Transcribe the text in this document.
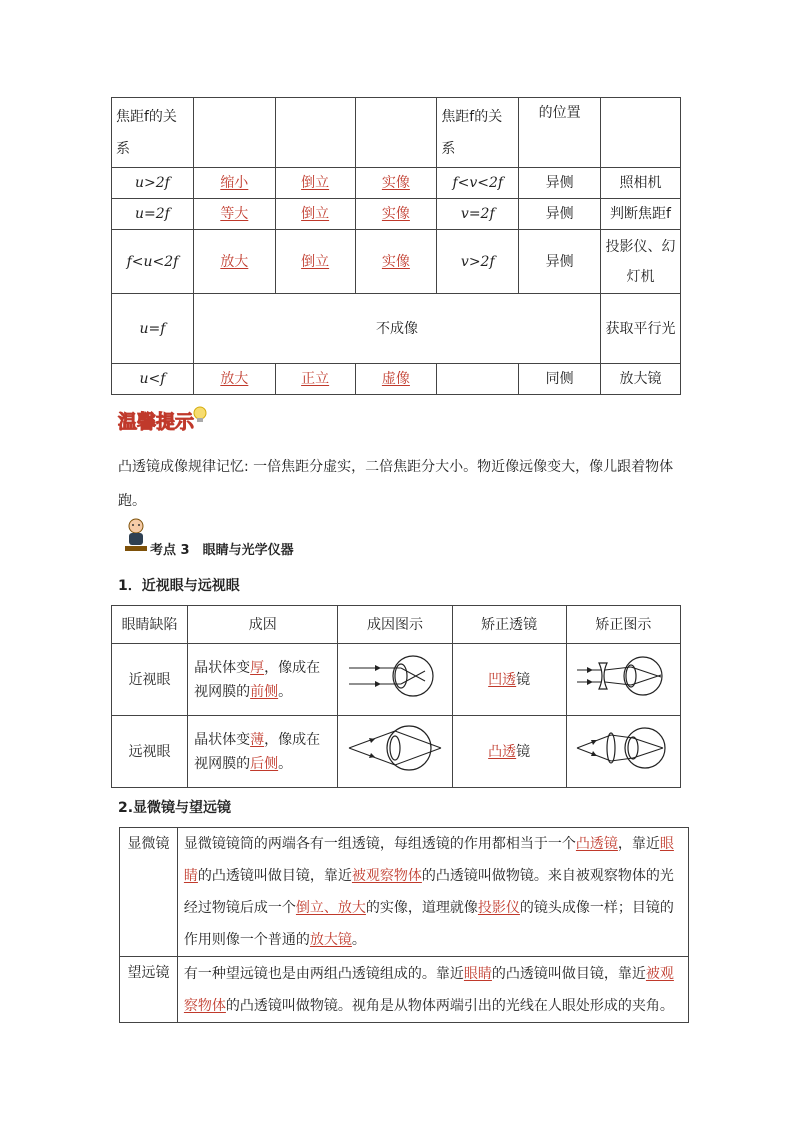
焦距f的关系				焦距f的关系	的位置	
u>2f	缩小	倒立	实像	f<v<2f	异侧	照相机
u=2f	等大	倒立	实像	v=2f	异侧	判断焦距f
f<u<2f	放大	倒立	实像	v>2f	异侧	投影仪、幻灯机
u=f	不成像					获取平行光
u<f	放大	正立	虚像		同侧	放大镜
温馨提示
凸透镜成像规律记忆: 一倍焦距分虚实，二倍焦距分大小。物近像远像变大，像儿跟着物体跑。
考点 3　眼睛与光学仪器
1．近视眼与远视眼
眼睛缺陷	成因	成因图示	矫正透镜	矫正图示
近视眼	晶状体变厚，像成在视网膜的前侧。		凹透镜	
远视眼	晶状体变薄，像成在视网膜的后侧。		凸透镜	
2.显微镜与望远镜
显微镜	显微镜镜筒的两端各有一组透镜，每组透镜的作用都相当于一个凸透镜，靠近眼睛的凸透镜叫做目镜，靠近被观察物体的凸透镜叫做物镜。来自被观察物体的光经过物镜后成一个倒立、放大的实像，道理就像投影仪的镜头成像一样；目镜的作用则像一个普通的放大镜。
望远镜	有一种望远镜也是由两组凸透镜组成的。靠近眼睛的凸透镜叫做目镜，靠近被观察物体的凸透镜叫做物镜。视角是从物体两端引出的光线在人眼处形成的夹角。
